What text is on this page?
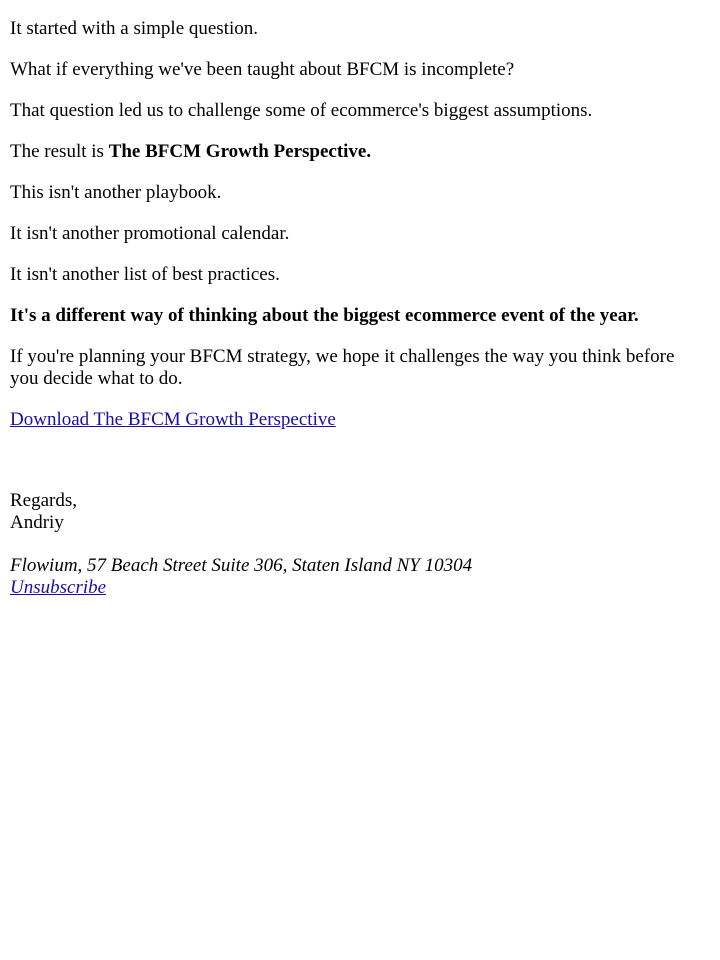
It started with a simple question.

What if everything we've been taught about BFCM is incomplete?

That question led us to challenge some of ecommerce's biggest assumptions.

The result is The BFCM Growth Perspective.

This isn't another playbook.

It isn't another promotional calendar.

It isn't another list of best practices.

It's a different way of thinking about the biggest ecommerce event of the year.

If you're planning your BFCM strategy, we hope it challenges the way you think before you decide what to do.

Download The BFCM Growth Perspective

Regards,
Andriy
Flowium, 57 Beach Street Suite 306, Staten Island NY 10304
Unsubscribe
